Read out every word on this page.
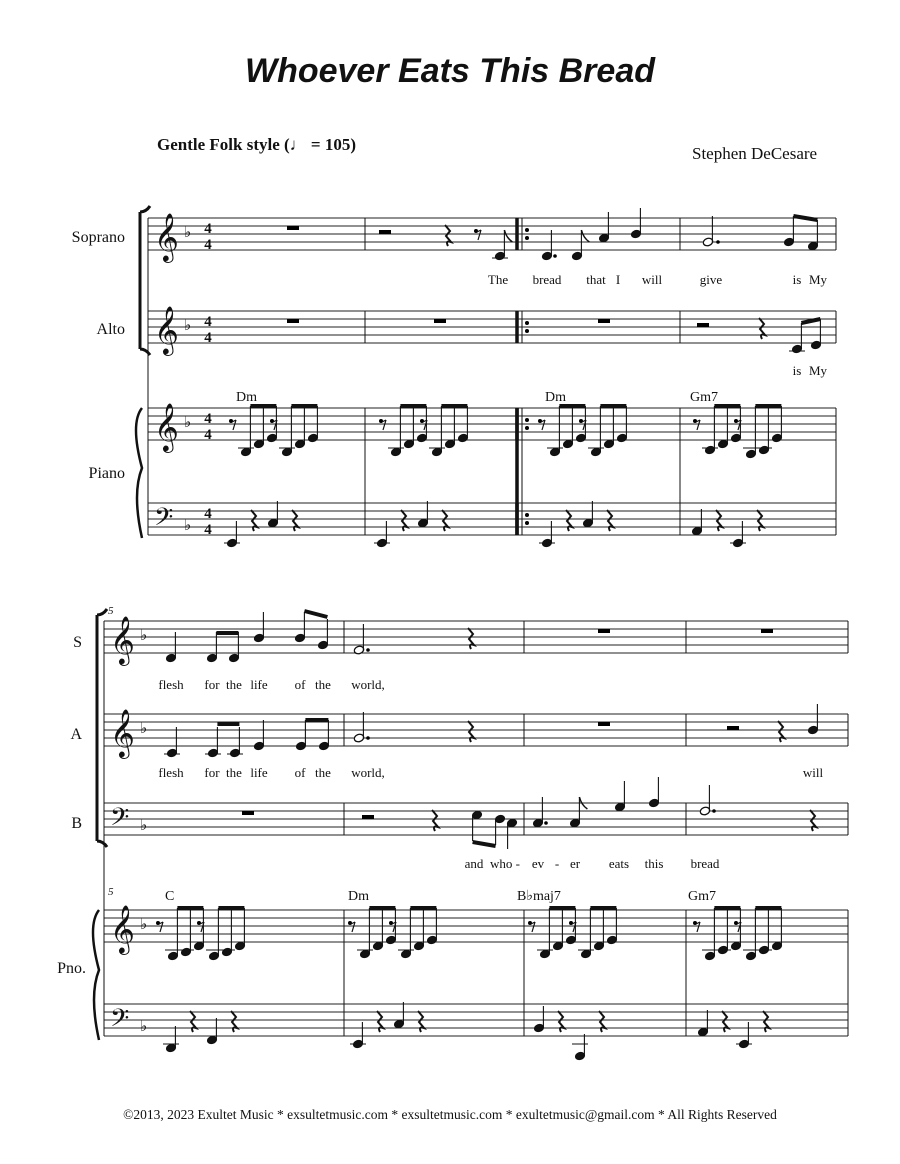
Whoever Eats This Bread
Gentle Folk style (♩ = 105)	Stephen DeCesare
𝄞 ♭ 4
4
𝄞 ♭ 4
4
𝄞 ♭ 4
4
𝄢 ♭
4
4
𝄞 ♭
𝄞 ♭
𝄞 ♭
𝄢 ♭
𝄢 ♭
Soprano
Alto
Piano
Dm	Dm	Gm7
The bread that I will	give	is My
is My
5
5
S
A
B
Pno.
C	Dm	B♭maj7	Gm7
flesh for the life of the world,
flesh for the life of the world,	will
and who - ev - er eats this bread
©2013, 2023 Exultet Music * exsultetmusic.com * exsultetmusic.com * exultetmusic@gmail.com * All Rights Reserved
